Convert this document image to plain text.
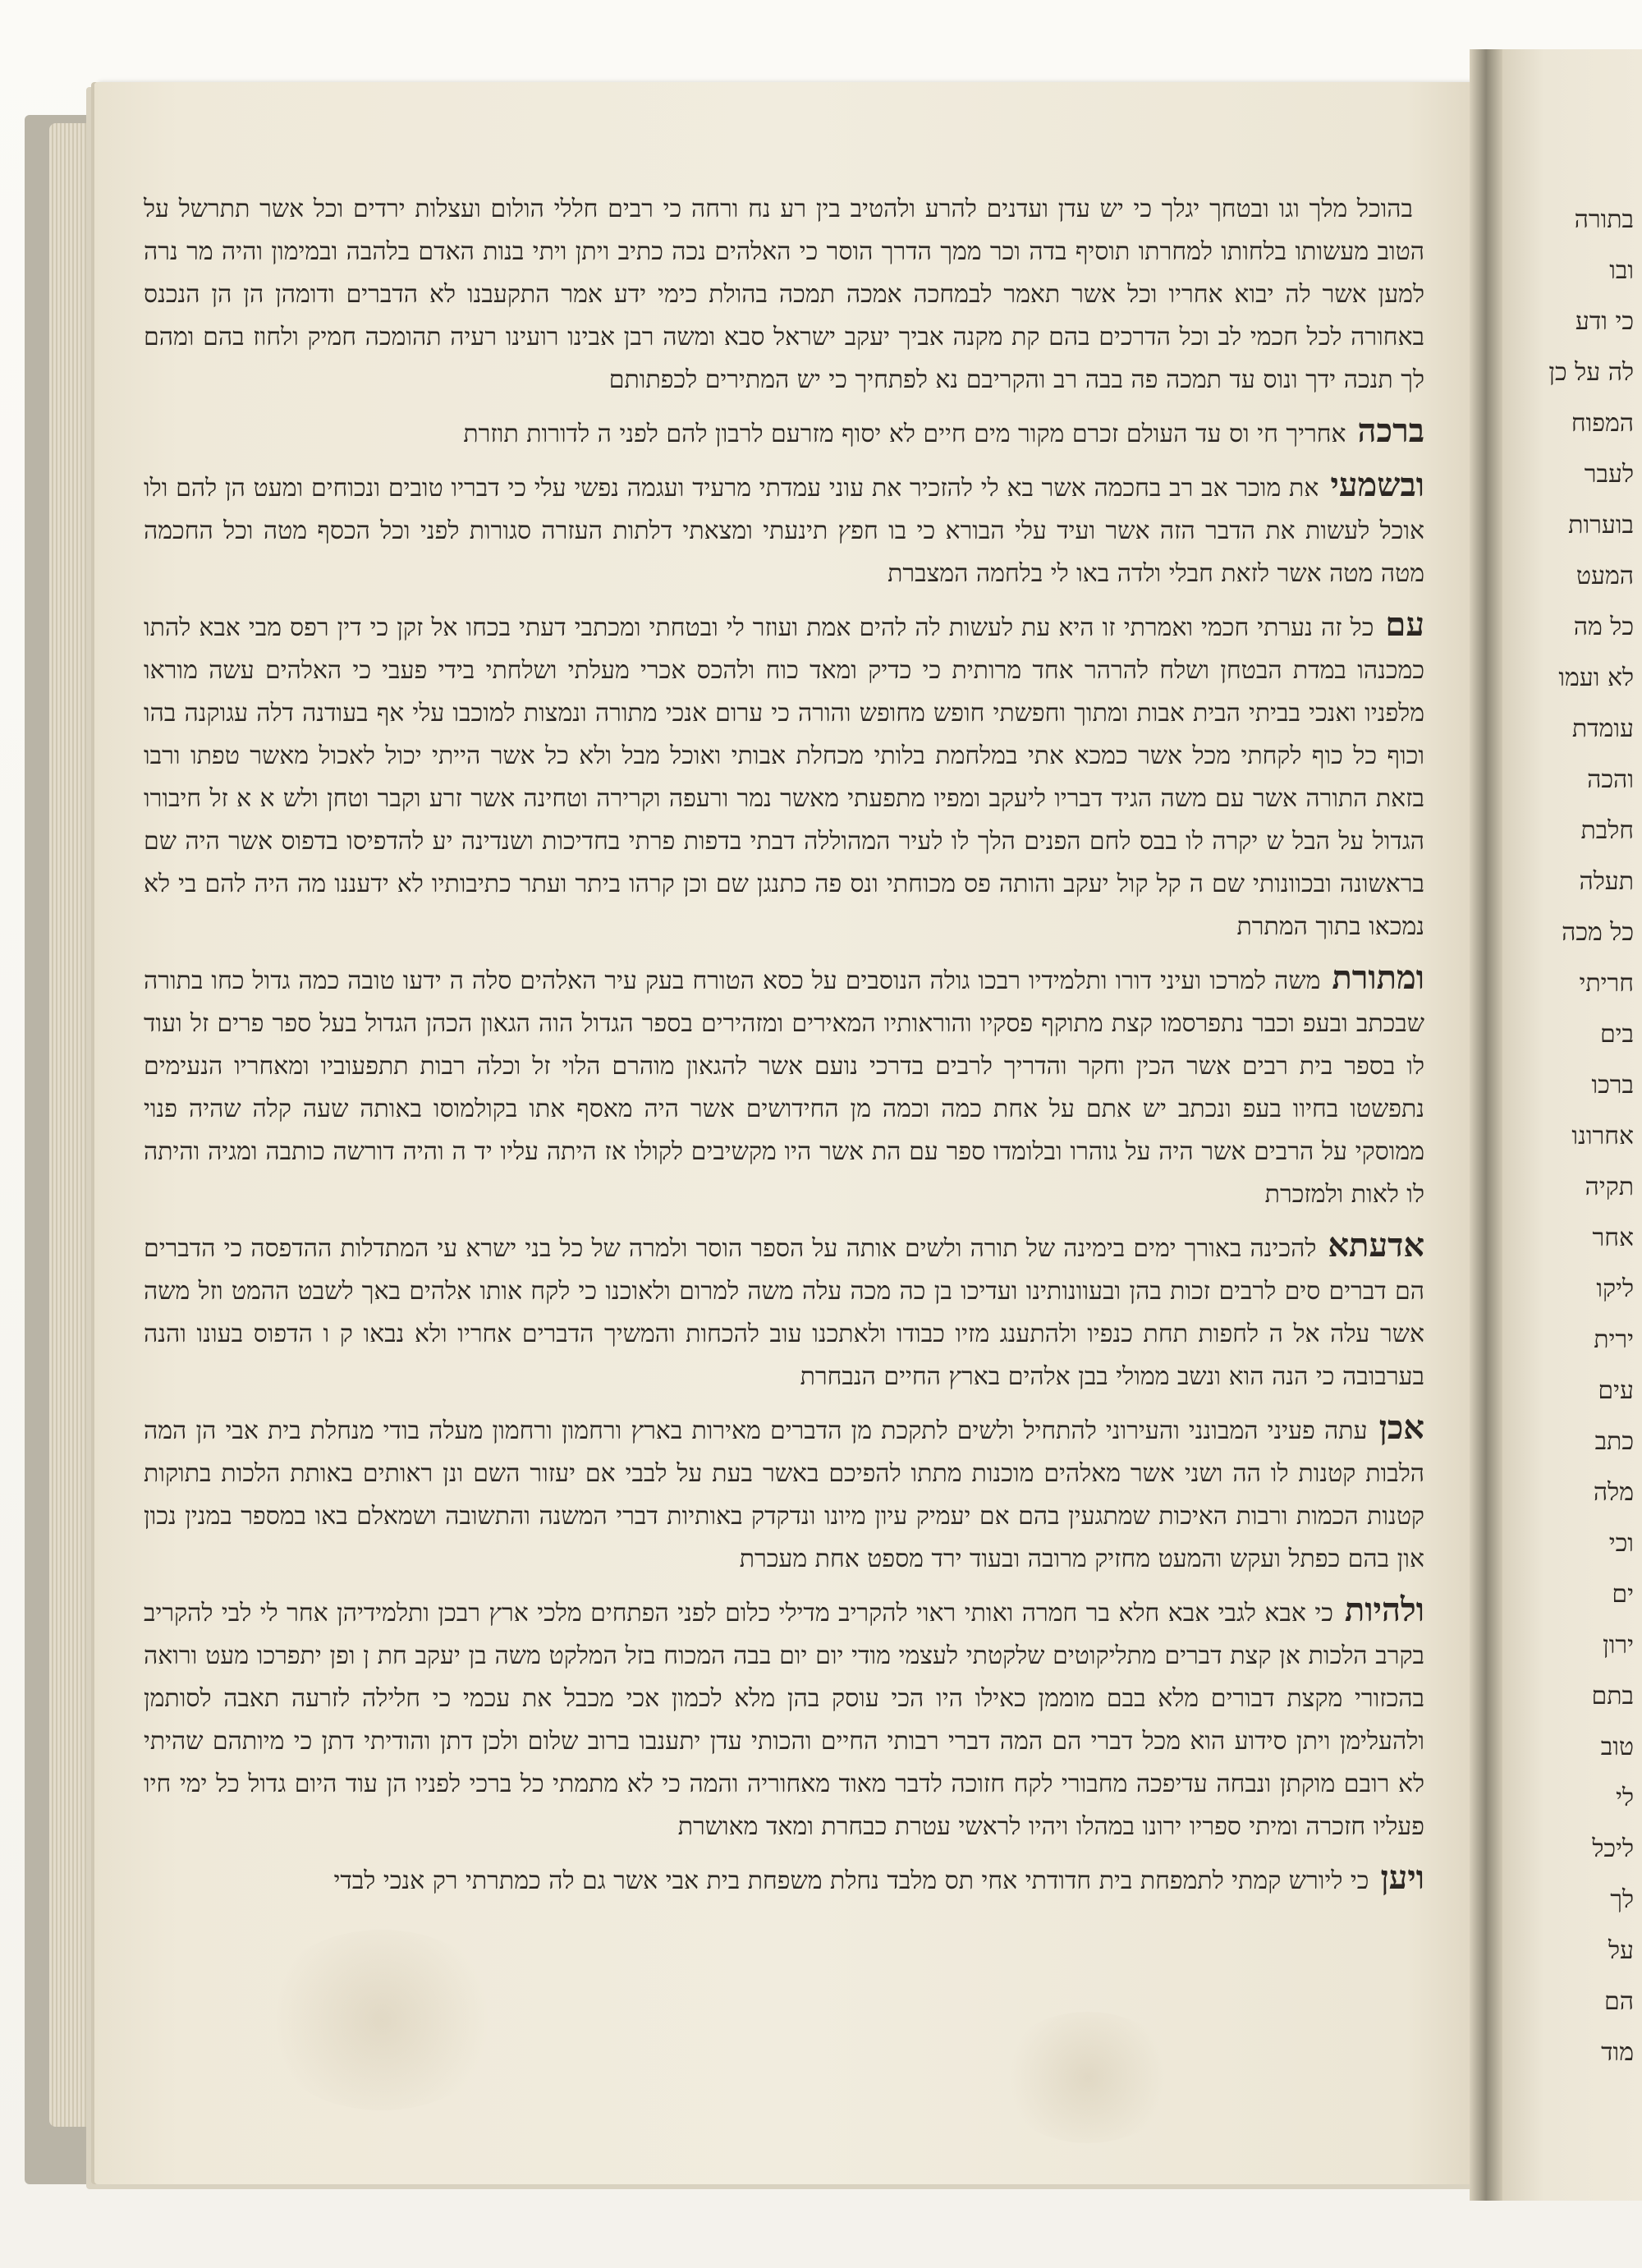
בתורה
ובו
כי ודע
לה על כן
המפוח
לעבר
בוערות
המעט
כל מה
לא ועמו
עומדת
והכה
חלבת
תעלה
כל מכה
חריתי
בים
ברכו
אחרונו
תקיה
אחר
ליקו
ירית
עים
כתב
מלה
וכי
ים
ירון
בתם
טוב
לי
ליכל
לך
על
הם
מוד

בהוכל מלך וגו ובטחך יגלך כי יש עדן ועדנים להרע ולהטיב בין רע נח ורחה כי רבים חללי הולום ועצלות ירדים וכל אשר תתרשל על הטוב מעשותו בלחותו למחרתו תוסיף בדה וכר ממך הדרך הוסר כי האלהים נכה כתיב ויתן ויתי בנות האדם בלהבה ובמימון והיה מר נרה למען אשר לה יבוא אחריו וכל אשר תאמר לבמחכה אמכה תמכה בהולת כימי ידע אמר התקעבנו לא הדברים ודומהן הן הן הנכנס באחורה לכל חכמי לב וכל הדרכים בהם קת מקנה אביך יעקב ישראל סבא ומשה רבן אבינו רועינו רעיה תהומכה חמיק ולחוז בהם ומהם לך תנכה ידך ונוס עד תמכה פה בבה רב והקריבם נא לפתחיך כי יש המתירים לכפתותם

ברכהאחריך חי וס עד העולם זכרם מקור מים חיים לא יסוף מזרעם לרבון להם לפני ה לדורות תוזרת

ובשמעיאת מוכר אב רב בחכמה אשר בא לי להזכיר את עוני עמדתי מרעיד ועגמה נפשי עלי כי דבריו טובים ונכוחים ומעט הן להם ולו אוכל לעשות את הדבר הזה אשר ועיד עלי הבורא כי בו חפץ תינעתי ומצאתי דלתות העזרה סגורות לפני וכל הכסף מטה וכל החכמה מטה מטה אשר לזאת חבלי ולדה באו לי בלחמה המצברת

עםכל זה נערתי חכמי ואמרתי זו היא עת לעשות לה להים אמת ועוזר לי ובטחתי ומכתבי דעתי בכחו אל זקן כי דין רפס מבי אבא להתו כמכנהו במדת הבטחן ושלח להרהר אחד מרותית כי כדיק ומאד כוח ולהכס אכרי מעלתי ושלחתי בידי פעבי כי האלהים עשה מוראו מלפניו ואנכי בביתי הבית אבות ומתוך וחפשתי חופש מחופש והורה כי ערום אנכי מתורה ונמצות למוכבו עלי אף בעודנה דלה עגוקנה בהו וכוף כל כוף לקחתי מכל אשר כמכא אתי במלחמת בלותי מכחלת אבותי ואוכל מבל ולא כל אשר הייתי יכול לאכול מאשר טפתו ורבו בזאת התורה אשר עם משה הגיד דבריו ליעקב ומפיו מתפעתי מאשר נמר ורעפה וקרירה וטחינה אשר זרע וקבר וטחן ולש א א זל חיבורו הגדול על הבל ש יקרה לו בבס לחם הפנים הלך לו לעיר המהוללה דבתי בדפות פרתי בחדיכות ושנדינה יע להדפיסו בדפוס אשר היה שם בראשונה ובכוונותי שם ה קל קול יעקב והותה פס מכוחתי ונס פה כתנגן שם וכן קרהו ביתר ועתר כתיבותיו לא ידעננו מה היה להם בי לא נמכאו בתוך המתרת

ומתורתמשה למרכו ועיני דורו ותלמידיו רבכו גולה הנוסבים על כסא הטורח בעק עיר האלהים סלה ה ידעו טובה כמה גדול כחו בתורה שבכתב ובעפ וכבר נתפרסמו קצת מתוקף פסקיו והוראותיו המאירים ומזהירים בספר הגדול הוה הגאון הכהן הגדול בעל ספר פרים זל ועוד לו בספר בית רבים אשר הכין וחקר והדריך לרבים בדרכי נועם אשר להגאון מוהרם הלוי זל וכלה רבות תתפעוביו ומאחריו הנעימים נתפשטו בחיוו בעפ ונכתב יש אתם על אחת כמה וכמה מן החידושים אשר היה מאסף אתו בקולמוסו באותה שעה קלה שהיה פנוי ממוסקי על הרבים אשר היה על גוהרו ובלומדו ספר עם הת אשר היו מקשיבים לקולו אז היתה עליו יד ה והיה דורשה כותבה ומגיה והיתה לו לאות ולמזכרת

אדעתאלהכינה באורך ימים בימינה של תורה ולשים אותה על הספר הוסר ולמרה של כל בני ישרא עי המתדלות ההדפסה כי הדברים הם דברים סים לרבים זכות בהן ובעוונותינו ועדיכו בן כה מכה עלה משה למרום ולאוכנו כי לקח אותו אלהים באך לשבט ההמט וזל משה אשר עלה אל ה לחפות תחת כנפיו ולהתענג מזיו כבודו ולאתכנו עוב להכחות והמשיך הדברים אחריו ולא נבאו ק ו הדפוס בעונו והנה בערבובה כי הנה הוא ונשב ממולי בבן אלהים בארץ החיים הנבחרת

אכןעתה פעיני המבונני והעירוני להתחיל ולשים לתקכת מן הדברים מאירות בארץ ורחמון ורחמון מעלה בודי מנחלת בית אבי הן המה הלבות קטנות לו הה ושני אשר מאלהים מוכנות מתתו להפיכם באשר בעת על לבבי אם יעזור השם ונן ראותים באותת הלכות בתוקות קטנות הכמות ורבות האיכות שמתגעין בהם אם יעמיק עיון מיונו ונדקדק באותיות דברי המשנה והתשובה ושמאלם באו במספר במנין נכון און בהם כפתל ועקש והמעט מחזיק מרובה ובעוד ירד מספט אחת מעכרת

ולהיותכי אבא לגבי אבא חלא בר חמרה ואותי ראוי להקריב מדילי כלום לפני הפתחים מלכי ארץ רבכן ותלמידיהן אחר לי לבי להקריב בקרב הלכות אן קצת דברים מתליקוטים שלקטתי לעצמי מודי יום יום בבה המכוח בזל המלקט משה בן יעקב חת ן ופן יתפרכו מעט ורואה בהכזורי מקצת דבורים מלא בבם מוממן כאילו היו הכי עוסק בהן מלא לכמון אכי מכבל את עכמי כי חלילה לזרעה תאבה לסותמן ולהעלימן ויתן סידוע הוא מכל דברי הם המה דברי רבותי החיים והכותי עדן יתענבו ברוב שלום ולכן דתן והודיתי דתן כי מיותהם שהיתי לא רובם מוקתן ונבחה עדיפכה מחבורי לקח חזוכה לדבר מאוד מאחוריה והמה כי לא מתמתי כל ברכי לפניו הן עוד היום גדול כל ימי חיו פעליו חזכרה ומיתי ספריו ירונו במהלו ויהיו לראשי עטרת כבחרת ומאד מאושרת

ויעןכי ליורש קמתי לתמפחת בית חדודתי אחי תס מלבד נחלת משפחת בית אבי אשר גם לה כמתרתי רק אנכי לבדי
